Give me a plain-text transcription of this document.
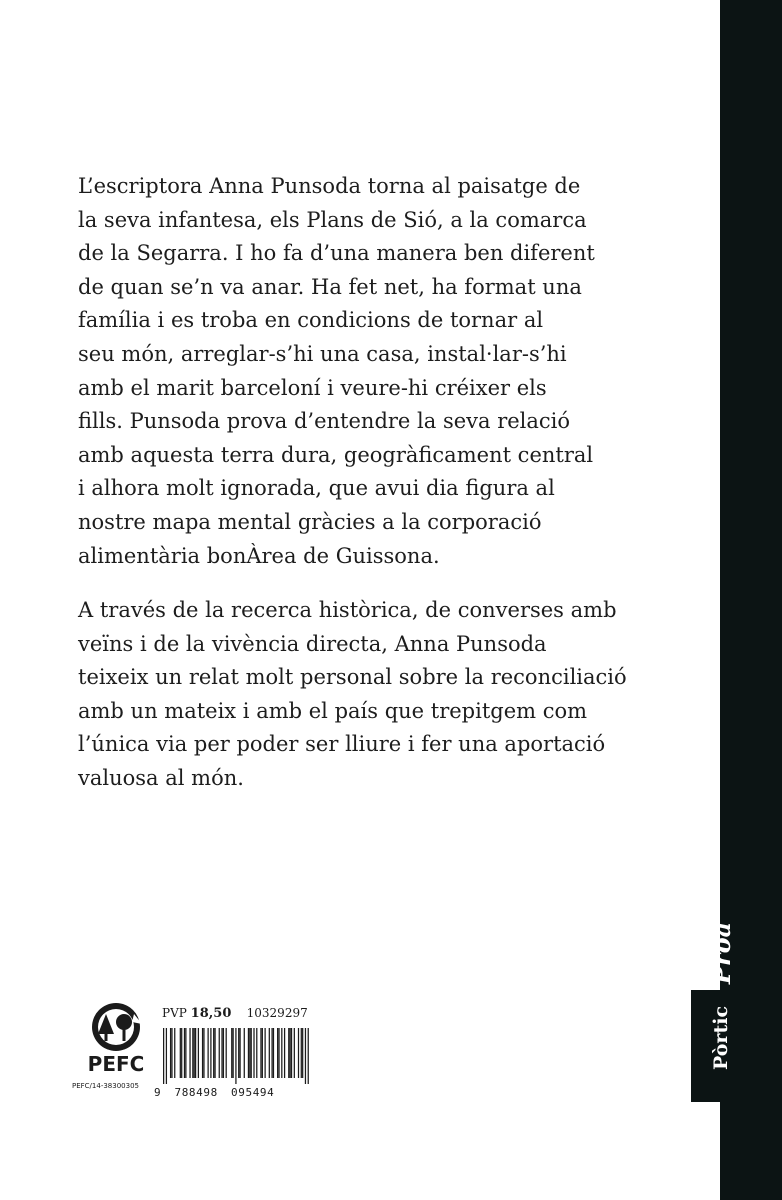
L’escriptora Anna Punsoda torna al paisatge de
la seva infantesa, els Plans de Sió, a la comarca
de la Segarra. I ho fa d’una manera ben diferent
de quan se’n va anar. Ha fet net, ha format una
família i es troba en condicions de tornar al
seu món, arreglar-s’hi una casa, instal·lar-s’hi
amb el marit barceloní i veure-hi créixer els
fills. Punsoda prova d’entendre la seva relació
amb aquesta terra dura, geogràficament central
i alhora molt ignorada, que avui dia figura al
nostre mapa mental gràcies a la corporació
alimentària bonÀrea de Guissona.
A través de la recerca històrica, de converses amb
veïns i de la vivència directa, Anna Punsoda
teixeix un relat molt personal sobre la reconciliació
amb un mateix i amb el país que trepitgem com
l’única via per poder ser lliure i fer una aportació
valuosa al món.
Proa
Pòrtic
PEFC
PEFC/14-38300305
PVP 18,50 10329297
9 788498 095494
